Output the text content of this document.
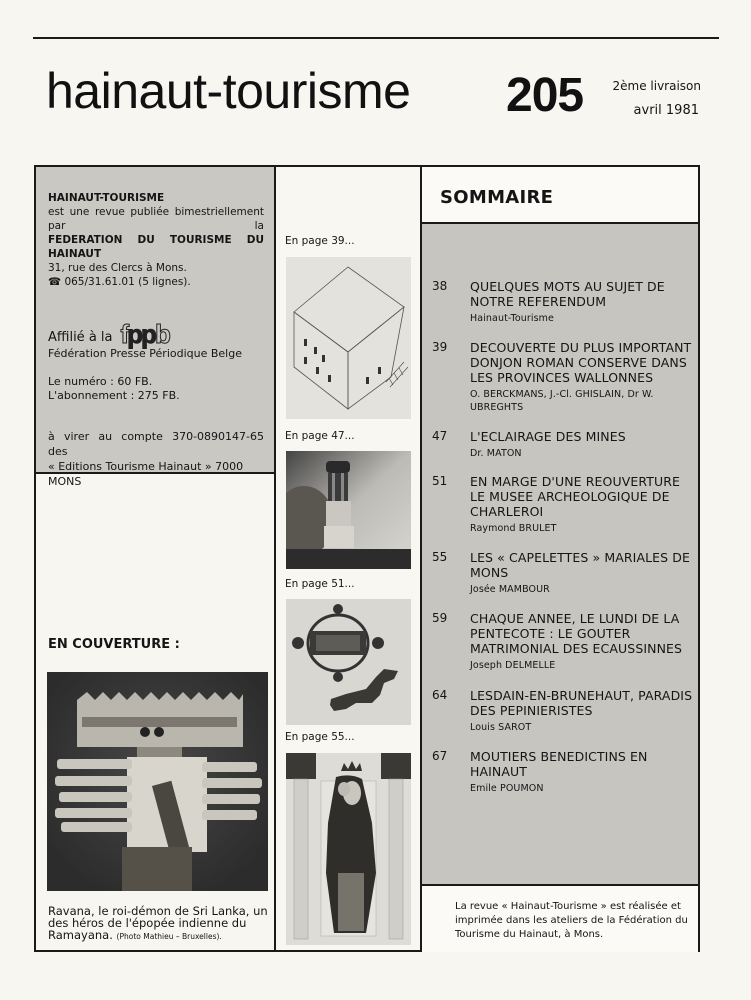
hainaut-tourisme 205 2ème livraison
avril 1981
HAINAUT-TOURISME
est une revue publiée bimestriellement par la
FEDERATION DU TOURISME DU HAINAUT
31, rue des Clercs à Mons.
☎ 065/31.61.01 (5 lignes).
Affilié à la fppb
Fédération Presse Périodique Belge
Le numéro : 60 FB.
L'abonnement : 275 FB.
à virer au compte 370-0890147-65 des
« Editions Tourisme Hainaut » 7000 MONS
EN COUVERTURE :
Ravana, le roi-démon de Sri Lanka, un des héros de l'épopée indienne du Ramayana. (Photo Mathieu – Bruxelles).
En page 39...
En page 47...
En page 51...
En page 55...
SOMMAIRE
38 QUELQUES MOTS AU SUJET DE NOTRE REFERENDUM
Hainaut-Tourisme
39 DECOUVERTE DU PLUS IMPORTANT DONJON ROMAN CONSERVE DANS LES PROVINCES WALLONNES
O. BERCKMANS, J.-Cl. GHISLAIN, Dr W. UBREGHTS
47 L'ECLAIRAGE DES MINES
Dr. MATON
51 EN MARGE D'UNE REOUVERTURE LE MUSEE ARCHEOLOGIQUE DE CHARLEROI
Raymond BRULET
55 LES « CAPELETTES » MARIALES DE MONS
Josée MAMBOUR
59 CHAQUE ANNEE, LE LUNDI DE LA PENTECOTE : LE GOUTER MATRIMONIAL DES ECAUSSINNES
Joseph DELMELLE
64 LESDAIN-EN-BRUNEHAUT, PARADIS DES PEPINIERISTES
Louis SAROT
67 MOUTIERS BENEDICTINS EN HAINAUT
Emile POUMON
La revue « Hainaut-Tourisme » est réalisée et imprimée dans les ateliers de la Fédération du Tourisme du Hainaut, à Mons.
